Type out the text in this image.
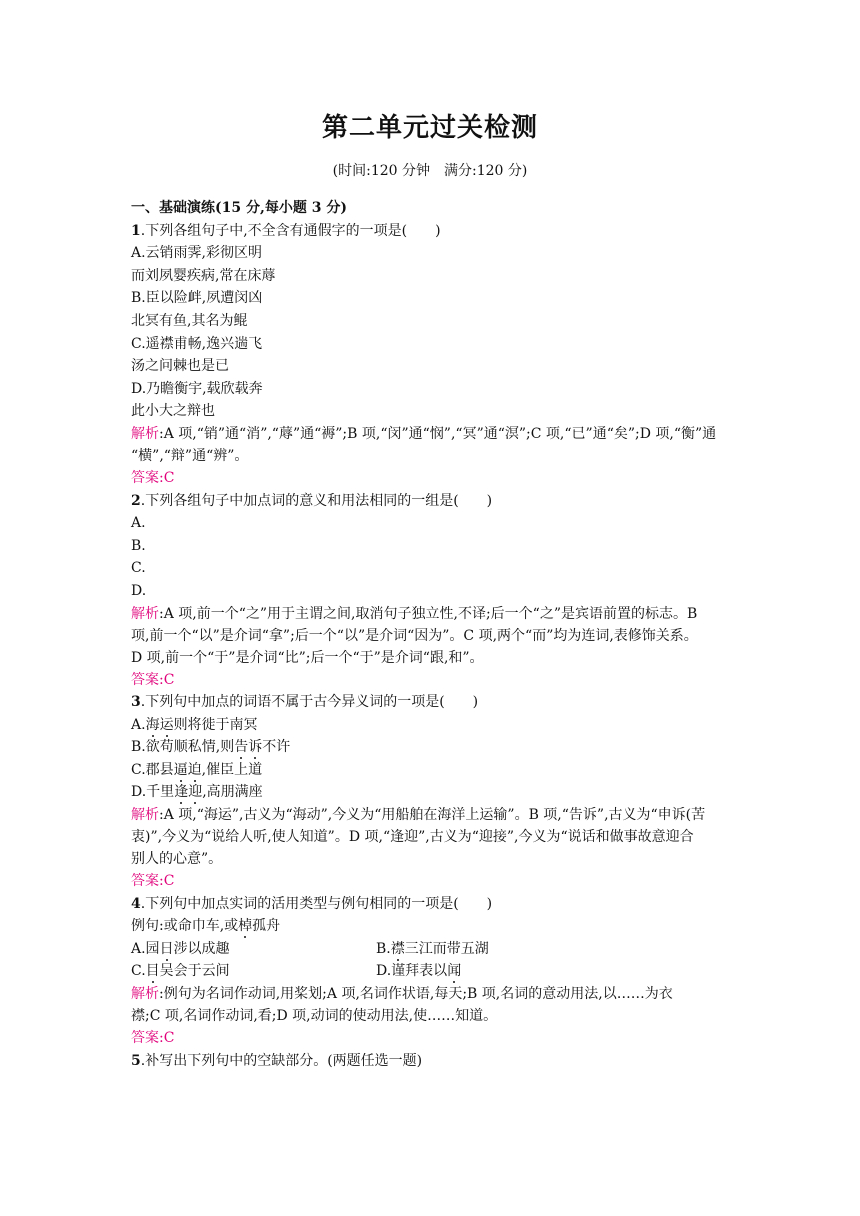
第二单元过关检测
(时间:120 分钟　满分:120 分)
一、基础演练(15 分,每小题 3 分)
1.下列各组句子中,不全含有通假字的一项是(　　)
A.云销雨霁,彩彻区明
而刘夙婴疾病,常在床蓐
B.臣以险衅,夙遭闵凶
北冥有鱼,其名为鲲
C.遥襟甫畅,逸兴遄飞
汤之问棘也是已
D.乃瞻衡宇,载欣载奔
此小大之辩也
解析:A 项,“销”通“消”,“蓐”通“褥”;B 项,“闵”通“悯”,“冥”通“溟”;C 项,“已”通“矣”;D 项,“衡”通
“横”,“辩”通“辨”。
答案:C
2.下列各组句子中加点词的意义和用法相同的一组是(　　)
A.
B.
C.
D.
解析:A 项,前一个“之”用于主谓之间,取消句子独立性,不译;后一个“之”是宾语前置的标志。B
项,前一个“以”是介词“拿”;后一个“以”是介词“因为”。C 项,两个“而”均为连词,表修饰关系。
D 项,前一个“于”是介词“比”;后一个“于”是介词“跟,和”。
答案:C
3.下列句中加点的词语不属于古今异义词的一项是(　　)
A.海运则将徙于南冥
B.欲苟顺私情,则告诉不许
C.郡县逼迫,催臣上道
D.千里逢迎,高朋满座
解析:A 项,“海运”,古义为“海动”,今义为“用船舶在海洋上运输”。B 项,“告诉”,古义为“申诉(苦
衷)”,今义为“说给人听,使人知道”。D 项,“逢迎”,古义为“迎接”,今义为“说话和做事故意迎合
别人的心意”。
答案:C
4.下列句中加点实词的活用类型与例句相同的一项是(　　)
例句:或命巾车,或棹孤舟
A.园日涉以成趣	B.襟三江而带五湖
C.目吴会于云间	D.谨拜表以闻
解析:例句为名词作动词,用桨划;A 项,名词作状语,每天;B 项,名词的意动用法,以……为衣
襟;C 项,名词作动词,看;D 项,动词的使动用法,使……知道。
答案:C
5.补写出下列句中的空缺部分。(两题任选一题)
